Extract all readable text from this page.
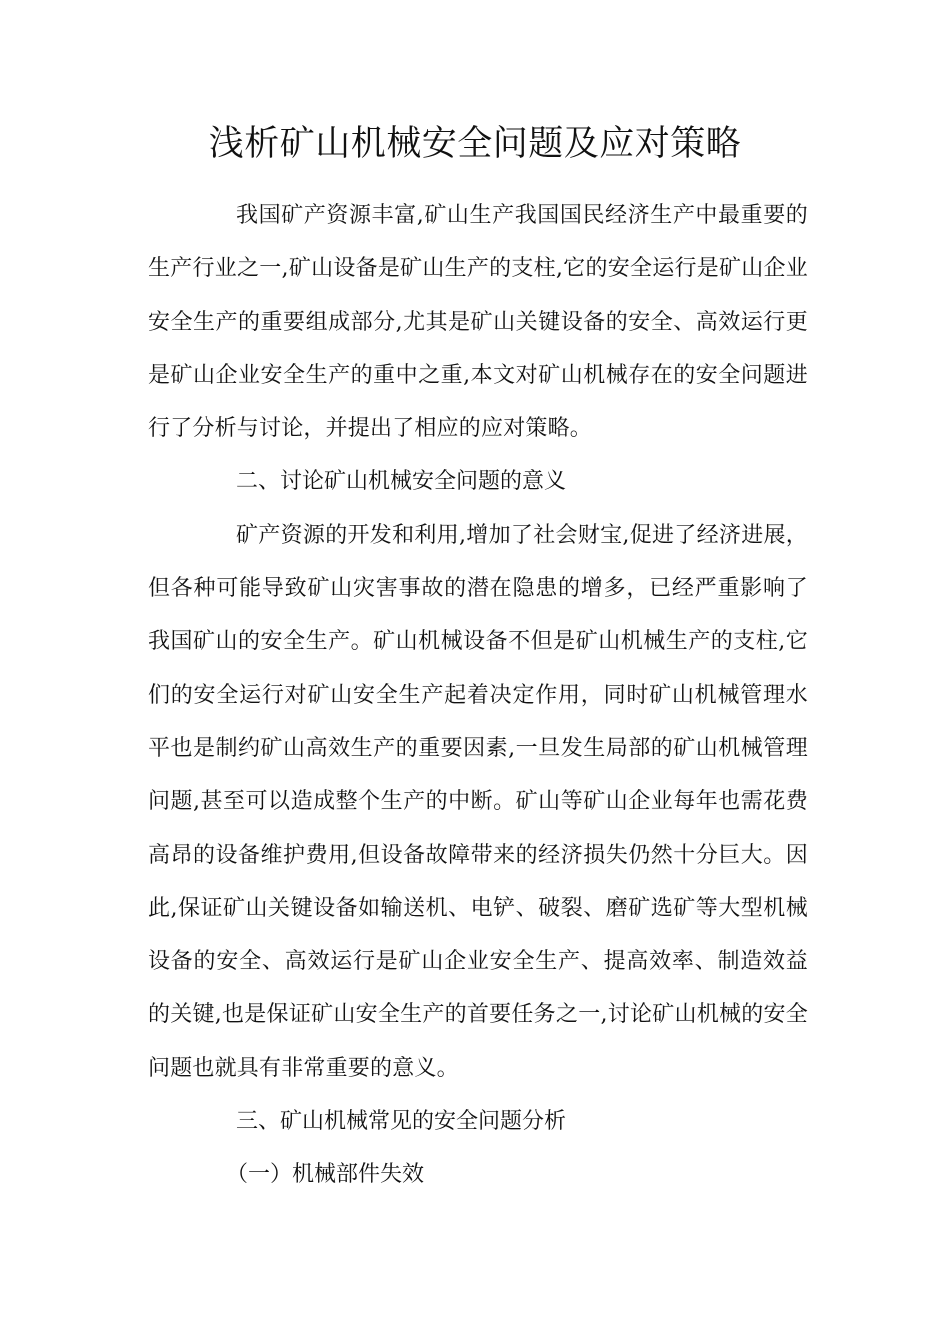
浅析矿山机械安全问题及应对策略

我国矿产资源丰富,矿山生产我国国民经济生产中最重要的生产行业之一,矿山设备是矿山生产的支柱,它的安全运行是矿山企业安全生产的重要组成部分,尤其是矿山关键设备的安全、高效运行更是矿山企业安全生产的重中之重,本文对矿山机械存在的安全问题进行了分析与讨论，并提出了相应的应对策略。

二、讨论矿山机械安全问题的意义

矿产资源的开发和利用,增加了社会财宝,促进了经济进展，但各种可能导致矿山灾害事故的潜在隐患的增多，已经严重影响了我国矿山的安全生产。矿山机械设备不但是矿山机械生产的支柱,它们的安全运行对矿山安全生产起着决定作用，同时矿山机械管理水平也是制约矿山高效生产的重要因素,一旦发生局部的矿山机械管理问题,甚至可以造成整个生产的中断。矿山等矿山企业每年也需花费高昂的设备维护费用,但设备故障带来的经济损失仍然十分巨大。因此,保证矿山关键设备如输送机、电铲、破裂、磨矿选矿等大型机械设备的安全、高效运行是矿山企业安全生产、提高效率、制造效益的关键,也是保证矿山安全生产的首要任务之一,讨论矿山机械的安全问题也就具有非常重要的意义。

三、矿山机械常见的安全问题分析

（一）机械部件失效
